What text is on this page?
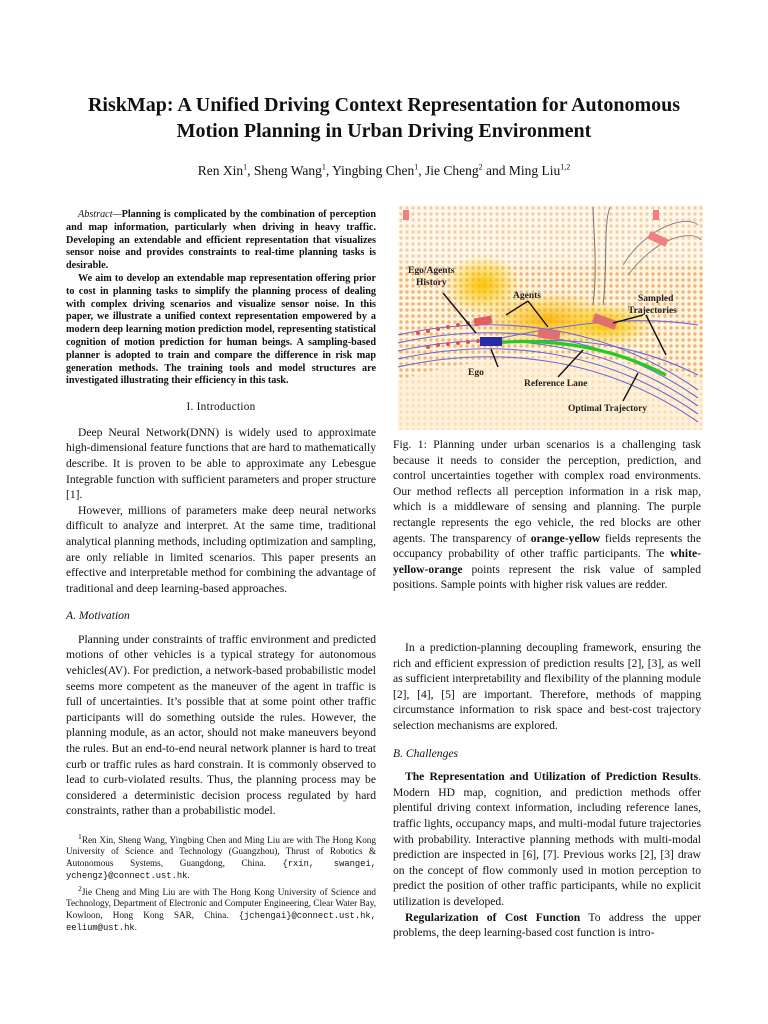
RiskMap: A Unified Driving Context Representation for Autonomous
Motion Planning in Urban Driving Environment
Ren Xin$^1$, Sheng Wang$^1$, Yingbing Chen$^1$, Jie Cheng$^2$ and Ming Liu$^{1,2}$

Abstract—Planning is complicated by the combination of perception and map information, particularly when driving in heavy traffic. Developing an extendable and efficient representation that visualizes sensor noise and provides constraints to real-time planning tasks is desirable.

We aim to develop an extendable map representation offering prior to cost in planning tasks to simplify the planning process of dealing with complex driving scenarios and visualize sensor noise. In this paper, we illustrate a unified context representation empowered by a modern deep learning motion prediction model, representing statistical cognition of motion prediction for human beings. A sampling-based planner is adopted to train and compare the difference in risk map generation methods. The training tools and model structures are investigated illustrating their efficiency in this task.

I. Introduction

Deep Neural Network(DNN) is widely used to approximate high-dimensional feature functions that are hard to mathematically describe. It is proven to be able to approximate any Lebesgue Integrable function with sufficient parameters and proper structure [1].

However, millions of parameters make deep neural networks difficult to analyze and interpret. At the same time, traditional analytical planning methods, including optimization and sampling, are only reliable in limited scenarios. This paper presents an effective and interpretable method for combining the advantage of traditional and deep learning-based approaches.

A. Motivation

Planning under constraints of traffic environment and predicted motions of other vehicles is a typical strategy for autonomous vehicles(AV). For prediction, a network-based probabilistic model seems more competent as the maneuver of the agent in traffic is full of uncertainties. It’s possible that at some point other traffic participants will do something outside the rules. However, the planning module, as an actor, should not make maneuvers beyond the rules. But an end-to-end neural network planner is hard to treat curb or traffic rules as hard constrain. It is commonly observed to lead to curb-violated results. Thus, the planning process may be considered a deterministic decision process regulated by hard constraints, rather than a probabilistic model.

$^1$Ren Xin, Sheng Wang, Yingbing Chen and Ming Liu are with The Hong Kong University of Science and Technology (Guangzhou), Thrust of Robotics & Autonomous Systems, Guangdong, China. {rxin, swangei, ychengz}@connect.ust.hk.

$^2$Jie Cheng and Ming Liu are with The Hong Kong University of Science and Technology, Department of Electronic and Computer Engineering, Clear Water Bay, Kowloon, Hong Kong SAR, China. {jchengai}@connect.ust.hk, eelium@ust.hk.

Ego/Agents
History
Agents	Sampled
Trajectories
Ego
Reference Lane
Optimal Trajectory
Fig. 1: Planning under urban scenarios is a challenging task because it needs to consider the perception, prediction, and control uncertainties together with complex road environments. Our method reflects all perception information in a risk map, which is a middleware of sensing and planning. The purple rectangle represents the ego vehicle, the red blocks are other agents. The transparency of orange-yellow fields represents the occupancy probability of other traffic participants. The white-yellow-orange points represent the risk value of sampled positions. Sample points with higher risk values are redder.

In a prediction-planning decoupling framework, ensuring the rich and efficient expression of prediction results [2], [3], as well as sufficient interpretability and flexibility of the planning module [2], [4], [5] are important. Therefore, methods of mapping circumstance information to risk space and best-cost trajectory selection mechanisms are explored.

B. Challenges

The Representation and Utilization of Prediction Results. Modern HD map, cognition, and prediction methods offer plentiful driving context information, including reference lanes, traffic lights, occupancy maps, and multi-modal future trajectories with probability. Interactive planning methods with multi-modal prediction are inspected in [6], [7]. Previous works [2], [3] draw on the concept of flow commonly used in motion perception to predict the position of other traffic participants, while no explicit utilization is developed.

Regularization of Cost Function To address the upper problems, the deep learning-based cost function is intro-
